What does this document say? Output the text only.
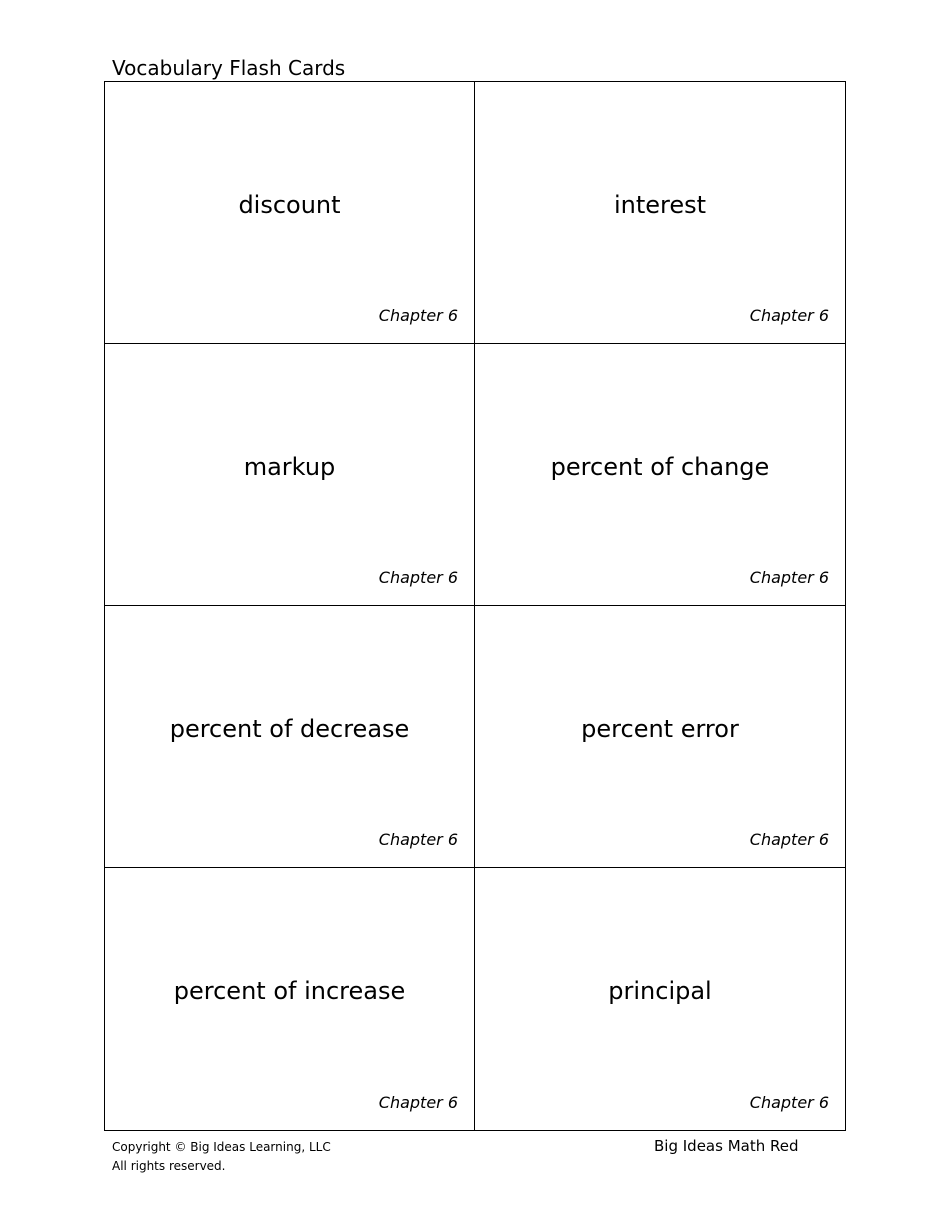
Vocabulary Flash Cards
discount
Chapter 6
interest
Chapter 6
markup
Chapter 6
percent of change
Chapter 6
percent of decrease
Chapter 6
percent error
Chapter 6
percent of increase
Chapter 6
principal
Chapter 6
Copyright © Big Ideas Learning, LLC
All rights reserved.
Big Ideas Math Red
